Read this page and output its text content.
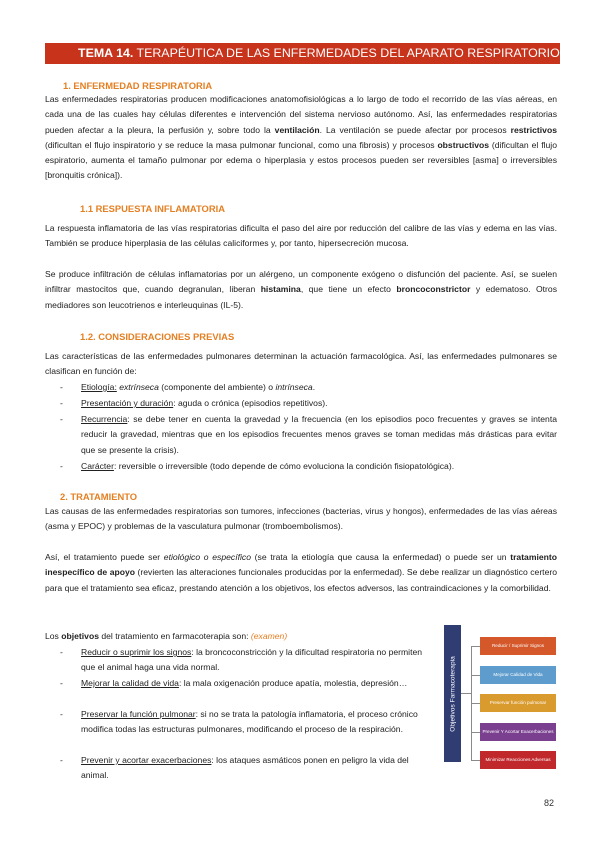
TEMA 14. TERAPÉUTICA DE LAS ENFERMEDADES DEL APARATO RESPIRATORIO
1. ENFERMEDAD RESPIRATORIA
Las enfermedades respiratorias producen modificaciones anatomofisiológicas a lo largo de todo el recorrido de las vías aéreas, en cada una de las cuales hay células diferentes e intervención del sistema nervioso autónomo. Así, las enfermedades respiratorias pueden afectar a la pleura, la perfusión y, sobre todo la ventilación. La ventilación se puede afectar por procesos restrictivos (dificultan el flujo inspiratorio y se reduce la masa pulmonar funcional, como una fibrosis) y procesos obstructivos (dificultan el flujo espiratorio, aumenta el tamaño pulmonar por edema o hiperplasia y estos procesos pueden ser reversibles [asma] o irreversibles [bronquitis crónica]).
1.1 RESPUESTA INFLAMATORIA
La respuesta inflamatoria de las vías respiratorias dificulta el paso del aire por reducción del calibre de las vías y edema en las vías. También se produce hiperplasia de las células caliciformes y, por tanto, hipersecreción mucosa.
Se produce infiltración de células inflamatorias por un alérgeno, un componente exógeno o disfunción del paciente. Así, se suelen infiltrar mastocitos que, cuando degranulan, liberan histamina, que tiene un efecto broncoconstrictor y edematoso. Otros mediadores son leucotrienos e interleuquinas (IL-5).
1.2. CONSIDERACIONES PREVIAS
Las características de las enfermedades pulmonares determinan la actuación farmacológica. Así, las enfermedades pulmonares se clasifican en función de:
- Etiología: extrínseca (componente del ambiente) o intrínseca.
- Presentación y duración: aguda o crónica (episodios repetitivos).
- Recurrencia: se debe tener en cuenta la gravedad y la frecuencia (en los episodios poco frecuentes y graves se intenta reducir la gravedad, mientras que en los episodios frecuentes menos graves se toman medidas más drásticas para evitar que se presente la crisis).
- Carácter: reversible o irreversible (todo depende de cómo evoluciona la condición fisiopatológica).
2. TRATAMIENTO
Las causas de las enfermedades respiratorias son tumores, infecciones (bacterias, virus y hongos), enfermedades de las vías aéreas (asma y EPOC) y problemas de la vasculatura pulmonar (tromboembolismos).
Así, el tratamiento puede ser etiológico o específico (se trata la etiología que causa la enfermedad) o puede ser un tratamiento inespecífico de apoyo (revierten las alteraciones funcionales producidas por la enfermedad). Se debe realizar un diagnóstico certero para que el tratamiento sea eficaz, prestando atención a los objetivos, los efectos adversos, las contraindicaciones y la comorbilidad.
Los objetivos del tratamiento en farmacoterapia son: (examen)
- Reducir o suprimir los signos: la broncoconstricción y la dificultad respiratoria no permiten que el animal haga una vida normal.
- Mejorar la calidad de vida: la mala oxigenación produce apatía, molestia, depresión…
- Preservar la función pulmonar: si no se trata la patología inflamatoria, el proceso crónico modifica todas las estructuras pulmonares, modificando el proceso de la respiración.
- Prevenir y acortar exacerbaciones: los ataques asmáticos ponen en peligro la vida del animal.
Objetivos Farmacoterapia
Reducir / Suprimir Signos
Mejorar Calidad de Vida
Preservar función pulmonar
Prevenir Y Acortar Exacerbaciones
Minimizar Reacciones Adversas
82
